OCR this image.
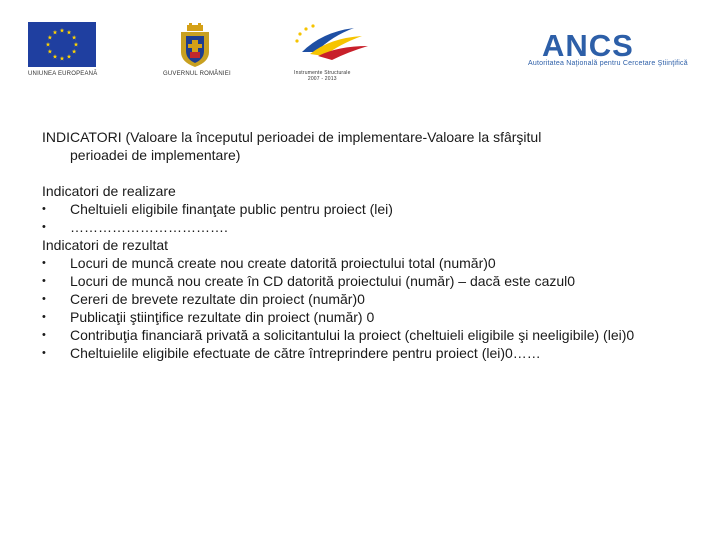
UNIUNEA EUROPEANĂ	GUVERNUL ROMÂNIEI	Instrumente Structurale
2007 - 2013
ANCS
Autoritatea Naţională pentru Cercetare Ştiinţifică

INDICATORI (Valoare la începutul perioadei de implementare-Valoare la sfârşitul

perioadei de implementare)

Indicatori de realizare

• Cheltuieli eligibile finanţate public pentru proiect (lei)
• …………………………….

Indicatori de rezultat

• Locuri de muncă create nou create datorită proiectului total (număr)0
• Locuri de muncă nou create în CD datorită proiectului (număr) – dacă este cazul0
• Cereri de brevete rezultate din proiect (număr)0
• Publicaţii ştiinţifice rezultate din proiect (număr) 0
• Contribuţia financiară privată a solicitantului la proiect (cheltuieli eligibile şi neeligibile) (lei)0
• Cheltuielile eligibile efectuate de către întreprindere pentru proiect (lei)0……
